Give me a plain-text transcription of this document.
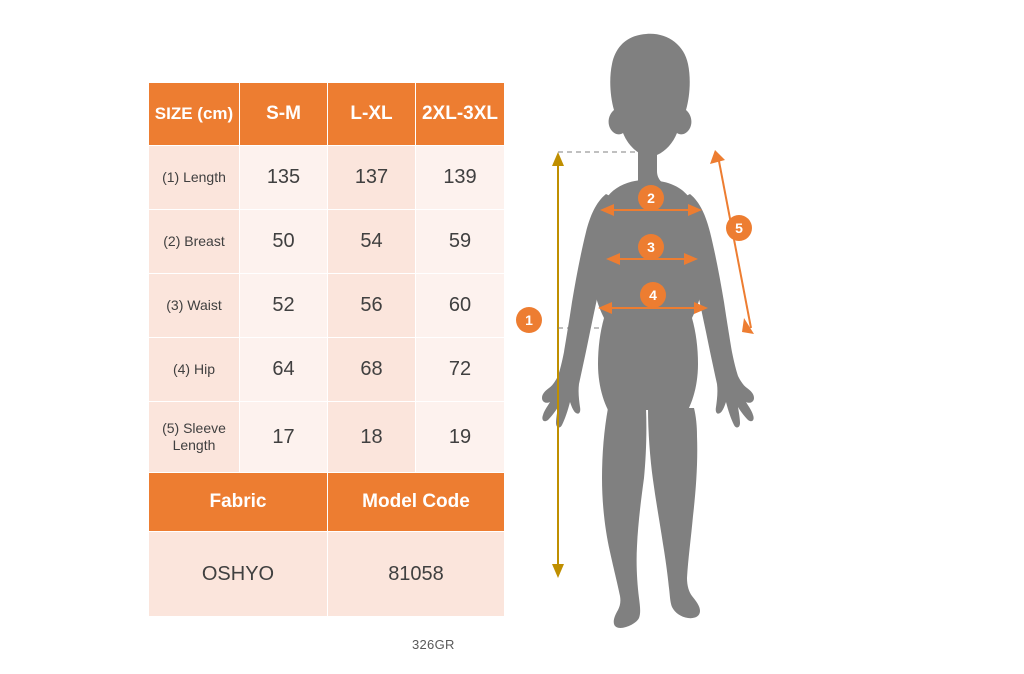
SIZE (cm)	S-M	L-XL	2XL-3XL
(1) Length	135	137	139
(2) Breast	50	54	59
(3) Waist	52	56	60
(4) Hip	64	68	72
(5) Sleeve Length	17	18	19
Fabric		Model Code	
OSHYO		81058	
326GR
2
3
4
5
1
